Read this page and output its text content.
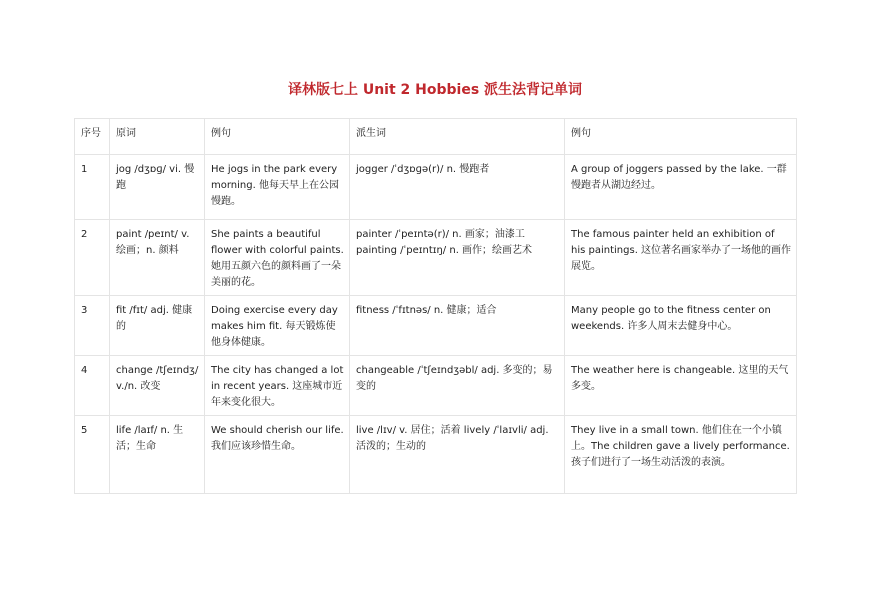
译林版七上 Unit 2 Hobbies 派生法背记单词
序号	原词	例句	派生词	例句
1	jog /dʒɒɡ/ vi. 慢跑	He jogs in the park every morning. 他每天早上在公园慢跑。	jogger /ˈdʒɒɡə(r)/ n. 慢跑者	A group of joggers passed by the lake. 一群慢跑者从湖边经过。
2	paint /peɪnt/ v. 绘画；n. 颜料	She paints a beautiful flower with colorful paints. 她用五颜六色的颜料画了一朵美丽的花。	painter /ˈpeɪntə(r)/ n. 画家；油漆工 painting /ˈpeɪntɪŋ/ n. 画作；绘画艺术	The famous painter held an exhibition of his paintings. 这位著名画家举办了一场他的画作展览。
3	fit /fɪt/ adj. 健康的	Doing exercise every day makes him fit. 每天锻炼使他身体健康。	fitness /ˈfɪtnəs/ n. 健康；适合	Many people go to the fitness center on weekends. 许多人周末去健身中心。
4	change /tʃeɪndʒ/ v./n. 改变	The city has changed a lot in recent years. 这座城市近年来变化很大。	changeable /ˈtʃeɪndʒəbl/ adj. 多变的；易变的	The weather here is changeable. 这里的天气多变。
5	life /laɪf/ n. 生活；生命	We should cherish our life. 我们应该珍惜生命。	live /lɪv/ v. 居住；活着 lively /ˈlaɪvli/ adj. 活泼的；生动的	They live in a small town. 他们住在一个小镇上。The children gave a lively performance. 孩子们进行了一场生动活泼的表演。
